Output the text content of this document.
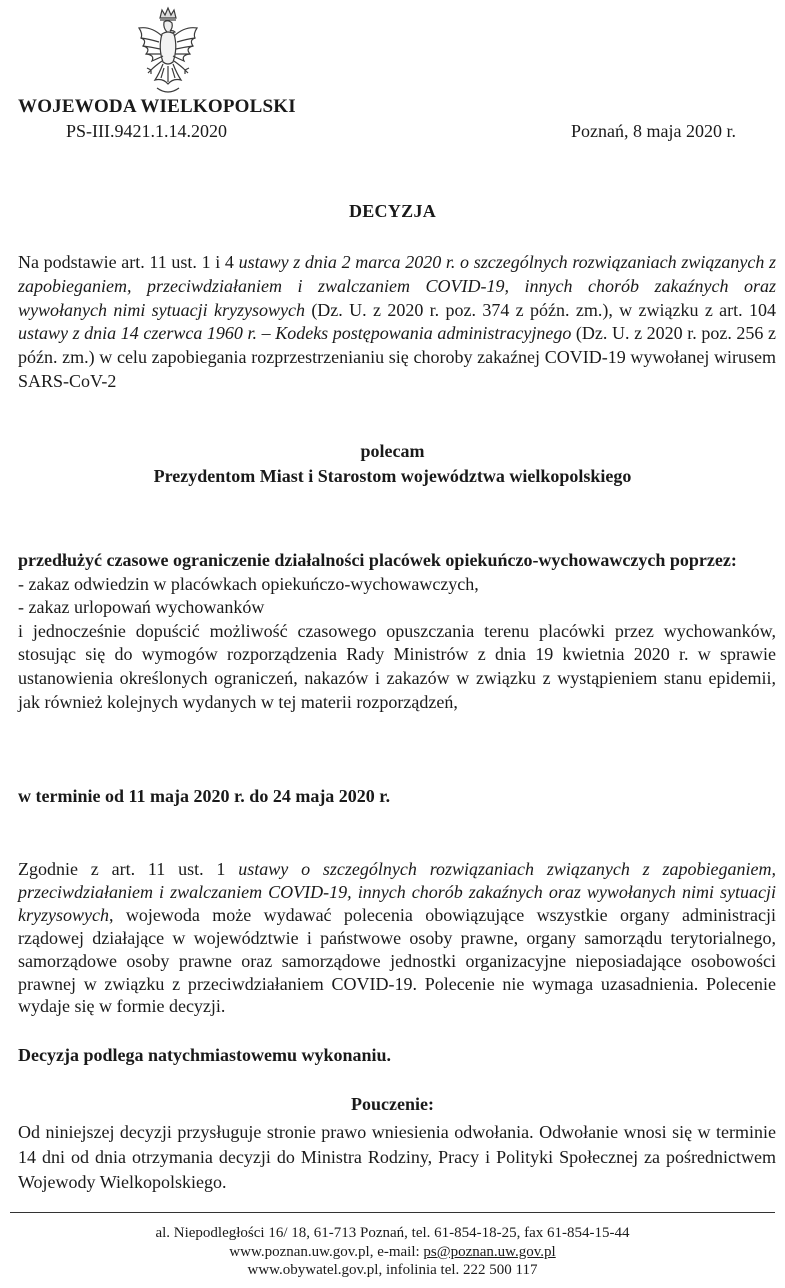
WOJEWODA WIELKOPOLSKI
PS-III.9421.1.14.2020	Poznań, 8 maja 2020 r.
DECYZJA
Na podstawie art. 11 ust. 1 i 4 ustawy z dnia 2 marca 2020 r. o szczególnych rozwiązaniach związanych z zapobieganiem, przeciwdziałaniem i zwalczaniem COVID-19, innych chorób zakaźnych oraz wywołanych nimi sytuacji kryzysowych (Dz. U. z 2020 r. poz. 374 z późn. zm.), w związku z art. 104 ustawy z dnia 14 czerwca 1960 r. – Kodeks postępowania administracyjnego (Dz. U. z 2020 r. poz. 256 z późn. zm.) w celu zapobiegania rozprzestrzenianiu się choroby zakaźnej COVID-19 wywołanej wirusem SARS-CoV-2
polecam
Prezydentom Miast i Starostom województwa wielkopolskiego
przedłużyć czasowe ograniczenie działalności placówek opiekuńczo-wychowawczych poprzez:
- zakaz odwiedzin w placówkach opiekuńczo-wychowawczych,
- zakaz urlopowań wychowanków
i jednocześnie dopuścić możliwość czasowego opuszczania terenu placówki przez wychowanków, stosując się do wymogów rozporządzenia Rady Ministrów z dnia 19 kwietnia 2020 r. w sprawie ustanowienia określonych ograniczeń, nakazów i zakazów w związku z wystąpieniem stanu epidemii, jak również kolejnych wydanych w tej materii rozporządzeń,
w terminie od 11 maja 2020 r. do 24 maja 2020 r.
Zgodnie z art. 11 ust. 1 ustawy o szczególnych rozwiązaniach związanych z zapobieganiem, przeciwdziałaniem i zwalczaniem COVID-19, innych chorób zakaźnych oraz wywołanych nimi sytuacji kryzysowych, wojewoda może wydawać polecenia obowiązujące wszystkie organy administracji rządowej działające w województwie i państwowe osoby prawne, organy samorządu terytorialnego, samorządowe osoby prawne oraz samorządowe jednostki organizacyjne nieposiadające osobowości prawnej w związku z przeciwdziałaniem COVID-19. Polecenie nie wymaga uzasadnienia. Polecenie wydaje się w formie decyzji.
Decyzja podlega natychmiastowemu wykonaniu.
Pouczenie:
Od niniejszej decyzji przysługuje stronie prawo wniesienia odwołania. Odwołanie wnosi się w terminie 14 dni od dnia otrzymania decyzji do Ministra Rodziny, Pracy i Polityki Społecznej za pośrednictwem Wojewody Wielkopolskiego.
al. Niepodległości 16/ 18, 61-713 Poznań, tel. 61-854-18-25, fax 61-854-15-44
www.poznan.uw.gov.pl, e-mail: ps@poznan.uw.gov.pl
www.obywatel.gov.pl, infolinia tel. 222 500 117
